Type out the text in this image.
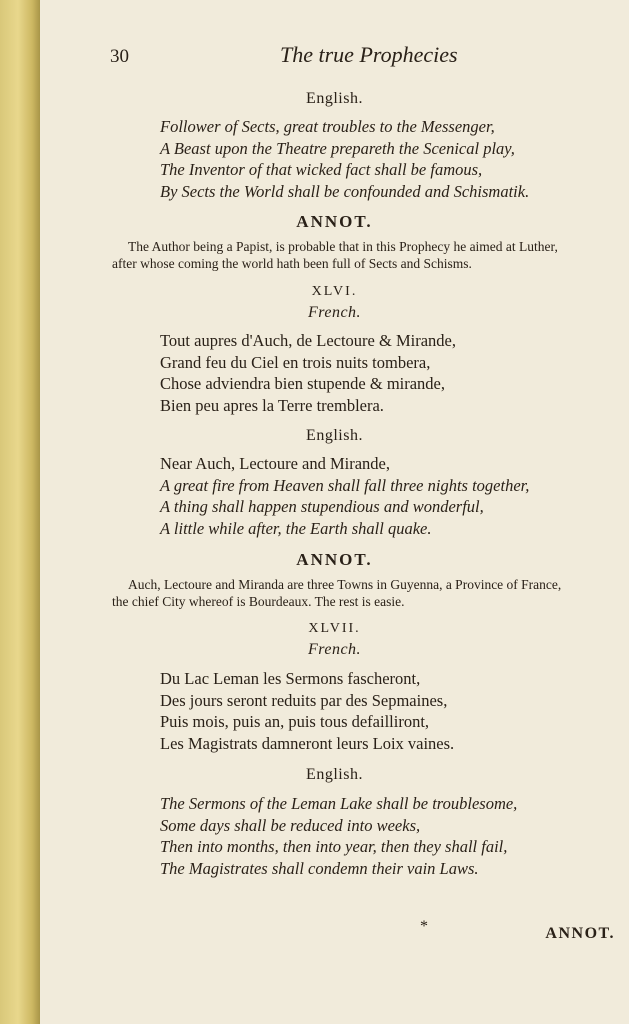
30	The true Prophecies
English.
Follower of Sects, great troubles to the Messenger,
A Beast upon the Theatre prepareth the Scenical play,
The Inventor of that wicked fact shall be famous,
By Sects the World shall be confounded and Schismatik.
ANNOT.
The Author being a Papist, is probable that in this Prophecy he aimed at Luther,
after whose coming the world hath been full of Sects and Schisms.
XLVI.
French.
Tout aupres d'Auch, de Lectoure & Mirande,
Grand feu du Ciel en trois nuits tombera,
Chose adviendra bien stupende & mirande,
Bien peu apres la Terre tremblera.
English.
Near Auch, Lectoure and Mirande,
A great fire from Heaven shall fall three nights together,
A thing shall happen stupendious and wonderful,
A little while after, the Earth shall quake.
ANNOT.
Auch, Lectoure and Miranda are three Towns in Guyenna, a Province of France,
the chief City whereof is Bourdeaux. The rest is easie.
XLVII.
French.
Du Lac Leman les Sermons fascheront,
Des jours seront reduits par des Sepmaines,
Puis mois, puis an, puis tous defailliront,
Les Magistrats damneront leurs Loix vaines.
English.
The Sermons of the Leman Lake shall be troublesome,
Some days shall be reduced into weeks,
Then into months, then into year, then they shall fail,
The Magistrates shall condemn their vain Laws.
*	ANNOT.
